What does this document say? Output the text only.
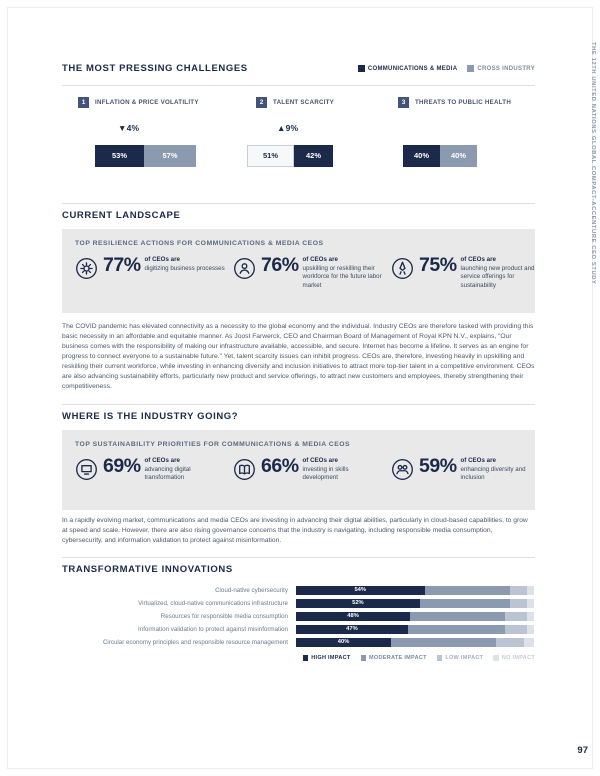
THE MOST PRESSING CHALLENGES	COMMUNICATIONS & MEDIA	CROSS INDUSTRY
1	INFLATION & PRICE VOLATILITY	2	TALENT SCARCITY	3	THREATS TO PUBLIC HEALTH
▼4%	▲9%
53%	57%	51%	42%	40%	40%
CURRENT LANDSCAPE
TOP RESILIENCE ACTIONS FOR COMMUNICATIONS & MEDIA CEOS
77% of CEOs are
digitizing business processes 76% of CEOs are
upskilling or reskilling their workforce for the future labor market
75% of CEOs are
launching new product and service offerings for sustainability
The COVID pandemic has elevated connectivity as a necessity to the global economy and the individual. Industry CEOs are therefore tasked with providing this basic necessity in an affordable and equitable manner. As Joost Farwerck, CEO and Chairman Board of Management of Royal KPN N.V., explains, "Our business comes with the responsibility of making our infrastructure available, accessible, and secure. Internet has become a lifeline. It serves as an engine for progress to connect everyone to a sustainable future." Yet, talent scarcity issues can inhibit progress. CEOs are, therefore, investing heavily in upskilling and reskilling their current workforce, while investing in enhancing diversity and inclusion initiatives to attract more top-tier talent in a competitive environment. CEOs are also advancing sustainability efforts, particularly new product and service offerings, to attract new customers and employees, thereby strengthening their competitiveness.
WHERE IS THE INDUSTRY GOING?
TOP SUSTAINABILITY PRIORITIES FOR COMMUNICATIONS & MEDIA CEOS
69% of CEOs are
advancing digital transformation
66% of CEOs are
investing in skills development
59% of CEOs are
enhancing diversity and inclusion
In a rapidly evolving market, communications and media CEOs are investing in advancing their digital abilities, particularly in cloud-based capabilities, to grow at speed and scale. However, there are also rising governance concerns that the industry is navigating, including responsible media consumption, cybersecurity, and information validation to protect against misinformation.
TRANSFORMATIVE INNOVATIONS
Cloud-native cybersecurity	54%
Virtualized, cloud-native communications infrastructure	52%
Resources for responsible media consumption	48%
Information validation to protect against misinformation	47%
Circular economy principles and responsible resource management	40%
HIGH IMPACT	MODERATE IMPACT	LOW IMPACT	NO IMPACT
THE 12TH UNITED NATIONS GLOBAL COMPACT-ACCENTURE CEO STUDY
97
